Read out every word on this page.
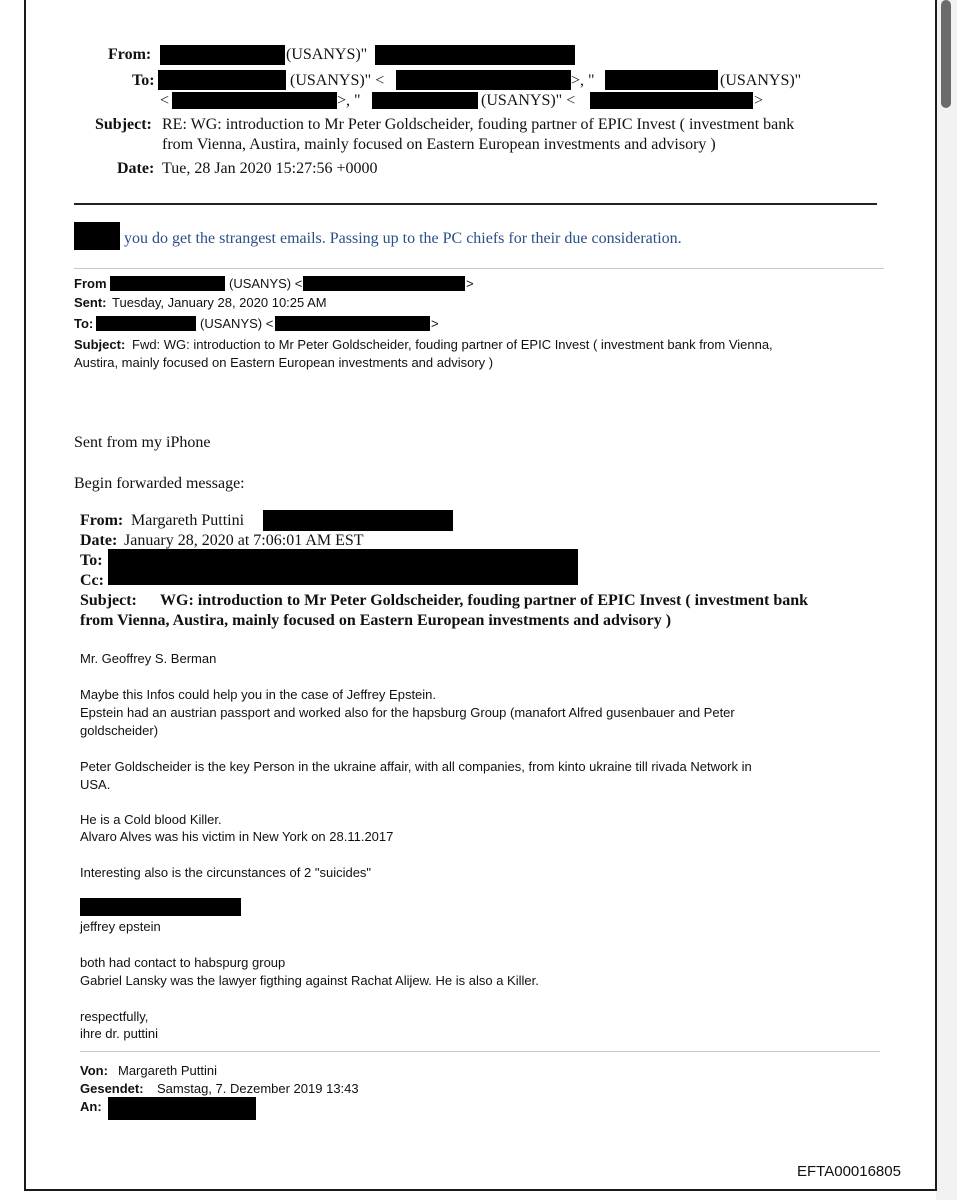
From:	(USANYS)"
To:	(USANYS)" <	>, "	(USANYS)"
<	>, "	(USANYS)" <	>
Subject: RE: WG: introduction to Mr Peter Goldscheider, fouding partner of EPIC Invest ( investment bank
from Vienna, Austira, mainly focused on Eastern European investments and advisory )
Date: Tue, 28 Jan 2020 15:27:56 +0000
you do get the strangest emails. Passing up to the PC chiefs for their due consideration.
From	(USANYS) <	>
Sent: Tuesday, January 28, 2020 10:25 AM
To:	(USANYS) <	>
Subject: Fwd: WG: introduction to Mr Peter Goldscheider, fouding partner of EPIC Invest ( investment bank from Vienna,
Austira, mainly focused on Eastern European investments and advisory )
Sent from my iPhone
Begin forwarded message:
From: Margareth Puttini
Date: January 28, 2020 at 7:06:01 AM EST
To:
Cc:
Subject: WG: introduction to Mr Peter Goldscheider, fouding partner of EPIC Invest ( investment bank
from Vienna, Austira, mainly focused on Eastern European investments and advisory )
Mr. Geoffrey S. Berman
Maybe this Infos could help you in the case of Jeffrey Epstein.
Epstein had an austrian passport and worked also for the hapsburg Group (manafort Alfred gusenbauer and Peter
goldscheider)
Peter Goldscheider is the key Person in the ukraine affair, with all companies, from kinto ukraine till rivada Network in
USA.
He is a Cold blood Killer.
Alvaro Alves was his victim in New York on 28.11.2017
Interesting also is the circunstances of 2 "suicides"
jeffrey epstein
both had contact to habspurg group
Gabriel Lansky was the lawyer figthing against Rachat Alijew. He is also a Killer.
respectfully,
ihre dr. puttini
Von: Margareth Puttini
Gesendet: Samstag, 7. Dezember 2019 13:43
An:
EFTA00016805
